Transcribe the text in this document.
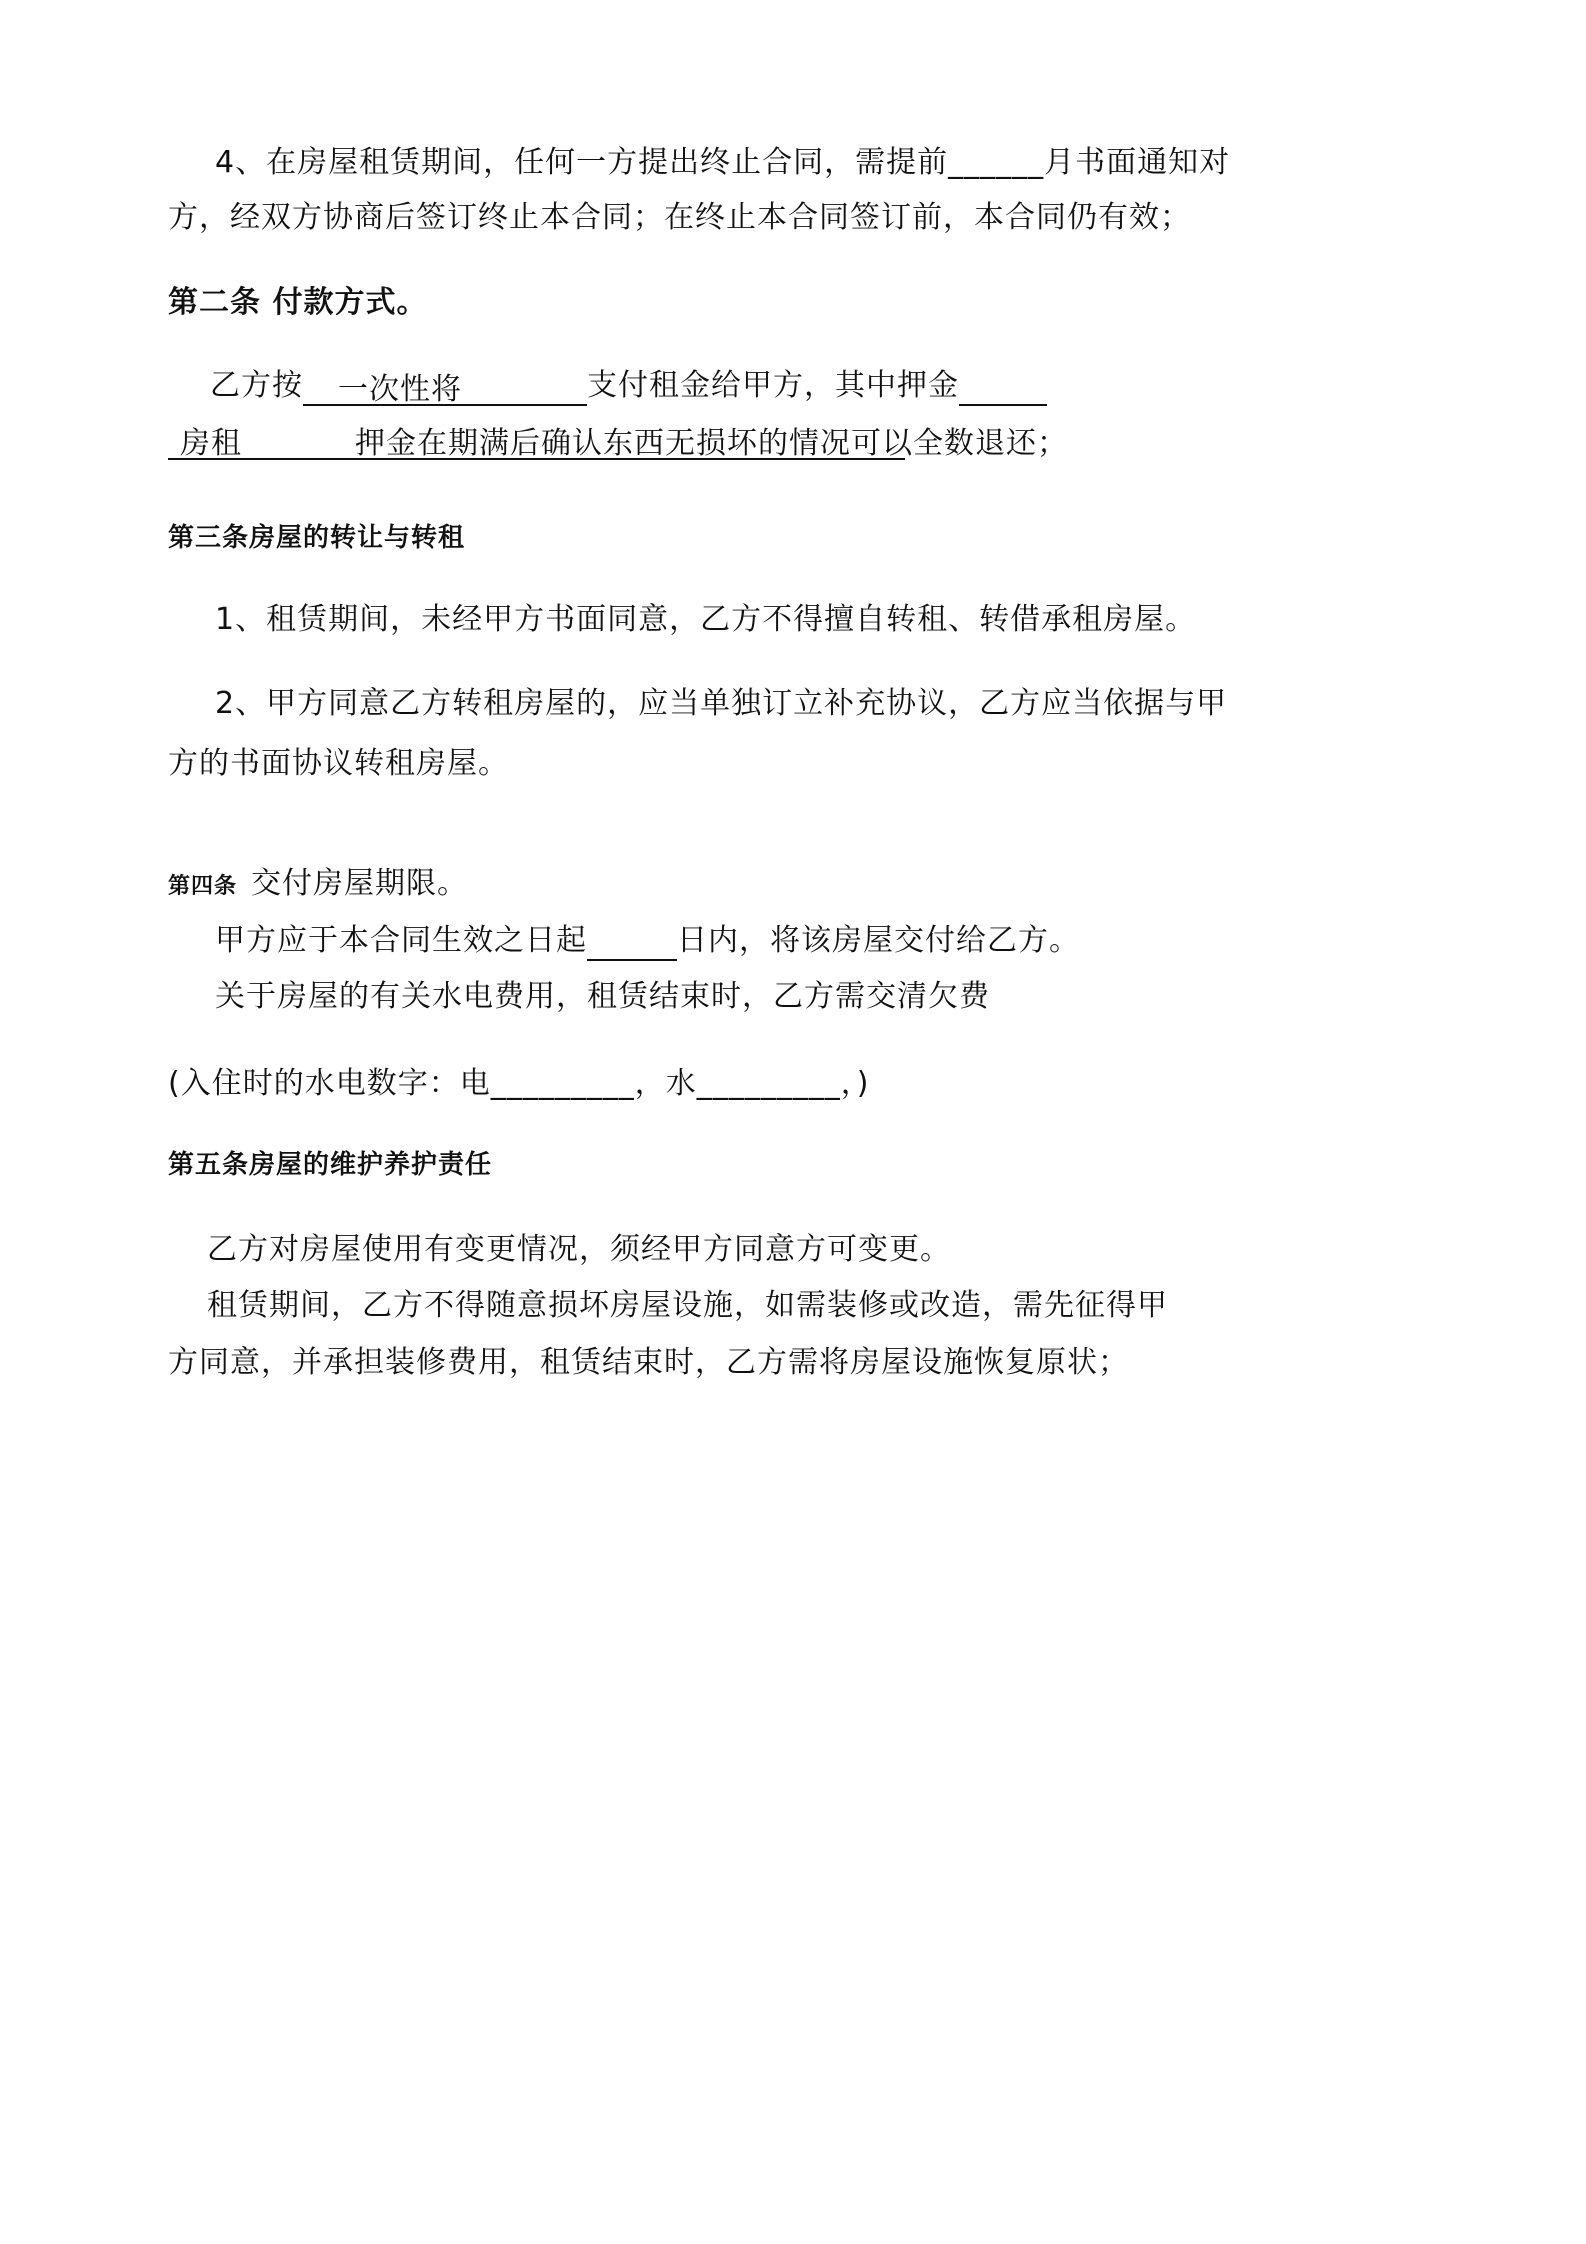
4、在房屋租赁期间，任何一方提出终止合同，需提前______月书面通知对
方，经双方协商后签订终止本合同；在终止本合同签订前，本合同仍有效；
第二条 付款方式。
乙方按 一次性将	支付租金给甲方，其中押金
房租	押金在期满后确认东西无损坏的情况可以全数退还；
第三条房屋的转让与转租
1、租赁期间，未经甲方书面同意，乙方不得擅自转租、转借承租房屋。
2、甲方同意乙方转租房屋的，应当单独订立补充协议，乙方应当依据与甲
方的书面协议转租房屋。
第四条 交付房屋期限。
甲方应于本合同生效之日起	日内，将该房屋交付给乙方。
关于房屋的有关水电费用，租赁结束时，乙方需交清欠费
(入住时的水电数字：电_________，水_________，)
第五条房屋的维护养护责任
乙方对房屋使用有变更情况，须经甲方同意方可变更。
租赁期间，乙方不得随意损坏房屋设施，如需装修或改造，需先征得甲
方同意，并承担装修费用，租赁结束时，乙方需将房屋设施恢复原状；
